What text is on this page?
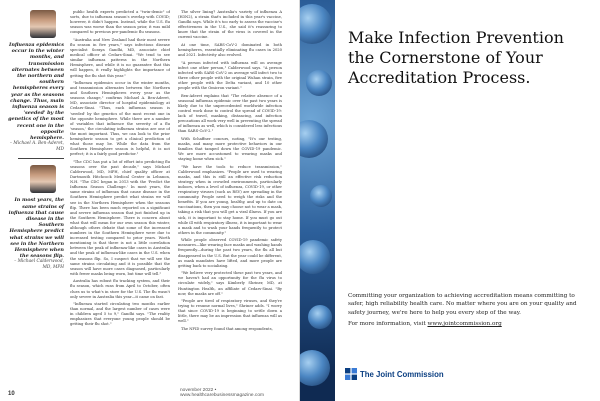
Influenza epidemics occur in the winter months, and transmission alternates between the northern and southern hemispheres every year as the seasons change. Thus, main influenza season is 'seeded' by the genetics of the most recent one in the opposite hemisphere.
– Michael A. Ben-Aderet, MD
In most years, the same strains of influenza that cause disease in the Southern Hemisphere predict what strains we will see in the Northern Hemisphere when the seasons flip.
– Michael Calderwood, MD, MPH

public health experts predicted a "twin-demic" of sorts, due to influenza season's overlap with COVID; however, it didn't happen. Instead, while the U.S. flu season was worse than the season prior, it was mild compared to previous pre-pandemic flu seasons.

"Australia and New Zealand had their most severe flu season in five years," says infectious disease specialist Soraya Gandhi, MD, associate chief medical officer at Cedars-Sinai. "We tend to see similar influenza patterns in the Northern Hemisphere, and while it is no guarantee that this will happen, it really highlights the importance of getting the flu shot this year."

"Influenza epidemics occur in the winter months, and transmission alternates between the Northern and Southern Hemispheres every year as the seasons change," confirms Michael A. Ben-Aderet, MD, associate director of hospital epidemiology at Cedars-Sinai. "Thus, each influenza season is 'seeded' by the genetics of the most recent one in the opposite hemisphere. While there are a number of variables that influence the severity of a flu 'season,' the circulating influenza strains are one of the most important. Thus, we can look to the prior hemispheric season to get a clinical prediction of what those may be. While the data from the Southern Hemisphere season is helpful, it is not perfect; it is a fairly good predictor."

"The CDC has put a lot of effort into predicting flu seasons over the past decade," says Michael Calderwood, MD, MPH, chief quality officer at Dartmouth Hitchcock Medical Center in Lebanon, N.H. "The CDC began in 2013 with the 'Predict the Influenza Season Challenge.' In most years, the same strains of influenza that cause disease in the Southern Hemisphere predict what strains we will see in the Northern Hemisphere when the seasons flip. There has been much reported on a significant and severe influenza season that just finished up in the Southern Hemisphere. There is concern about what that will mean for our own season this winter, although others debate that some of the increased numbers in the Southern Hemisphere were due to increased testing compared to prior years. Worth mentioning is that there is not a little correlation between the peak of influenza-like cases in Australia and the peak of influenza-like cases in the U.S. when the seasons flip. So, I suspect that we will see the same strains circulating and it is possible that the season will have more cases diagnosed, particularly with fewer masks being worn, but time will tell."

Australia has robust flu tracking system, and their flu season, which runs from April to October, often clues us to what's in store for the U.S. The flu wasn't only severe in Australia this year—it came on fast.

"Influenza started circulating two months earlier than normal, and the largest number of cases were in children aged 5 to 9," Gandhi says. "The reality emphasizes that everyone young people should be getting their flu shot."

The silver lining? Australia's variety of influenza A (H3N2), a strain that's included in this year's vaccine, Gandhi says. While it's too early to assess the vaccine's effectiveness in the U.S., she said it's reassuring to know that the strain of the virus is covered in the current vaccine.

At one time, SARS-CoV-2 dominated in both hemispheres, essentially eliminating flu cases in 2020 and 2021. Infectivity also evolved.

"A person infected with influenza will on average infect one other person," Calderwood says. "A person infected with SARS-CoV-2 on average will infect two to three other people with the original Wuhan strain, five other people with the Delta variant, and 10 other people with the Omicron variant."

Ben-Aderet explains that "The relative absence of a seasonal influenza epidemic over the past two years is likely due to the unprecedented worldwide infection control work done to control the spread of COVID-19: lack of travel, masking, distancing, and infection precautions all work very well in preventing the spread of influenza as well, which is considered less infectious than SARS-CoV-2."

With Schaffner concurs, noting, "It's our testing, masks, and many more protective behaviors in our families that tamped down the COVID-19 pandemic. We are more accustomed to wearing masks and staying home when sick."

"We have the tools to reduce transmission," Calderwood emphasizes. "People are used to wearing masks, and this is still an effective risk reduction strategy when in crowded environments, particularly indoors, when a level of influenza, COVID-19, or other respiratory viruses (such as RSV) are spreading in the community. People need to weigh the risks and the benefits. If you are young, healthy, and up to date on vaccinations, then you may choose not to wear a mask, taking a risk that you will get a viral illness. If you are sick, it is important to stay home. If you must go out while ill with respiratory illness, it is important to wear a mask and to wash your hands frequently to protect others in the community."

While people observed COVID-19 pandemic safety measures—like wearing face masks and washing hands frequently—during the past two years, the flu all but disappeared in the U.S. But the year could be different, as mask mandates have lifted, and more people are getting back to socializing.

"We believe very protected these past two years, and we haven't had an opportunity for the flu virus to circulate widely," says Kimberly Shriner, MD, at Huntington Health, an affiliate of Cedars-Sinai. "By now, the masks are off."

"People are tired of respiratory viruses, and they're trying to resume normal lives," Shriner adds. "I worry that since COVID-19 is beginning to settle down a little, there may be an impression that influenza will as well."

The NFID survey found that among respondents,

10
november 2022 • www.healthcarebusinessmagazine.com
Make Infection Prevention the Cornerstone of Your Accreditation Process.
Committing your organization to achieving accreditation means committing to safer, high reliability health care. No matter where you are on your quality and safety journey, we're here to help you every step of the way.
For more information, visit www.jointcommission.org
The Joint Commission
